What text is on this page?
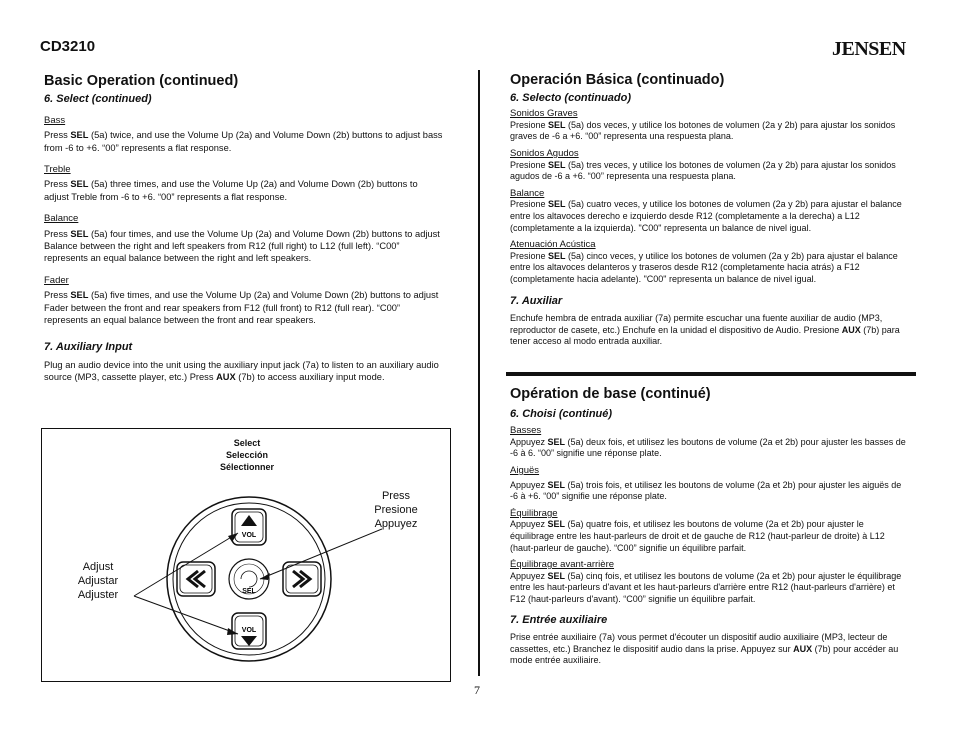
CD3210	JENSEN
Basic Operation (continued)
6. Select (continued)
Bass
Press SEL (5a) twice, and use the Volume Up (2a) and Volume Down (2b) buttons to adjust bass from -6 to +6. “00” represents a flat response.
Treble
Press SEL (5a) three times, and use the Volume Up (2a) and Volume Down (2b) buttons to adjust Treble from -6 to +6. “00” represents a flat response.
Balance
Press SEL (5a) four times, and use the Volume Up (2a) and Volume Down (2b) buttons to adjust Balance between the right and left speakers from R12 (full right) to L12 (full left). “C00” represents an equal balance between the right and left speakers.
Fader
Press SEL (5a) five times, and use the Volume Up (2a) and Volume Down (2b) buttons to adjust Fader between the front and rear speakers from F12 (full front) to R12 (full rear). “C00” represents an equal balance between the front and rear speakers.
7. Auxiliary Input
Plug an audio device into the unit using the auxiliary input jack (7a) to listen to an auxiliary audio source (MP3, cassette player, etc.) Press AUX (7b) to access auxiliary input mode.
Select
Selección
Sélectionner
Press
Presione
Appuyez
Adjust
Adjustar
Adjuster
VOL
VOL
SEL
Operación Básica (continuado)
6. Selecto (continuado)
Sonidos Graves
Presione SEL (5a) dos veces, y utilice los botones de volumen (2a y 2b) para ajustar los sonidos graves de -6 a +6. “00” representa una respuesta plana.
Sonidos Agudos
Presione SEL (5a) tres veces, y utilice los botones de volumen (2a y 2b) para ajustar los sonidos agudos de -6 a +6. “00” representa una respuesta plana.
Balance
Presione SEL (5a) cuatro veces, y utilice los botones de volumen (2a y 2b) para ajustar el balance entre los altavoces derecho e izquierdo desde R12 (completamente a la derecha) a L12 (completamente a la izquierda). "C00" representa un balance de nivel igual.
Atenuación Acústica
Presione SEL (5a) cinco veces, y utilice los botones de volumen (2a y 2b) para ajustar el balance entre los altavoces delanteros y traseros desde R12 (completamente hacia atrás) a F12 (completamente hacia adelante). "C00" representa un balance de nivel igual.
7. Auxiliar
Enchufe hembra de entrada auxiliar (7a) permite escuchar una fuente auxiliar de audio (MP3, reproductor de casete, etc.) Enchufe en la unidad el dispositivo de Audio. Presione AUX (7b) para tener acceso al modo entrada auxiliar.
Opération de base (continué)
6. Choisi (continué)
Basses
Appuyez SEL (5a) deux fois, et utilisez les boutons de volume (2a et 2b) pour ajuster les basses de -6 à 6. “00” signifie une réponse plate.
Aiguës
Appuyez SEL (5a) trois fois, et utilisez les boutons de volume (2a et 2b) pour ajuster les aiguës de -6 à +6. “00” signifie une réponse plate.
Équilibrage
Appuyez SEL (5a) quatre fois, et utilisez les boutons de volume (2a et 2b) pour ajuster le équilibrage entre les haut-parleurs de droit et de gauche de R12 (haut-parleur de droite) à L12 (haut-parleur de gauche). “C00” signifie un équilibre parfait.
Équilibrage avant-arrière
Appuyez SEL (5a) cinq fois, et utilisez les boutons de volume (2a et 2b) pour ajuster le équilibrage entre les haut-parleurs d'avant et les haut-parleurs d'arrière entre R12 (haut-parleurs d'arrière) et F12 (haut-parleurs d'avant). “C00” signifie un équilibre parfait.
7. Entrée auxiliaire
Prise entrée auxiliaire (7a) vous permet d'écouter un dispositif audio auxiliaire (MP3, lecteur de cassettes, etc.) Branchez le dispositif audio dans la prise. Appuyez sur AUX (7b) pour accéder au mode entrée auxiliaire.
7
